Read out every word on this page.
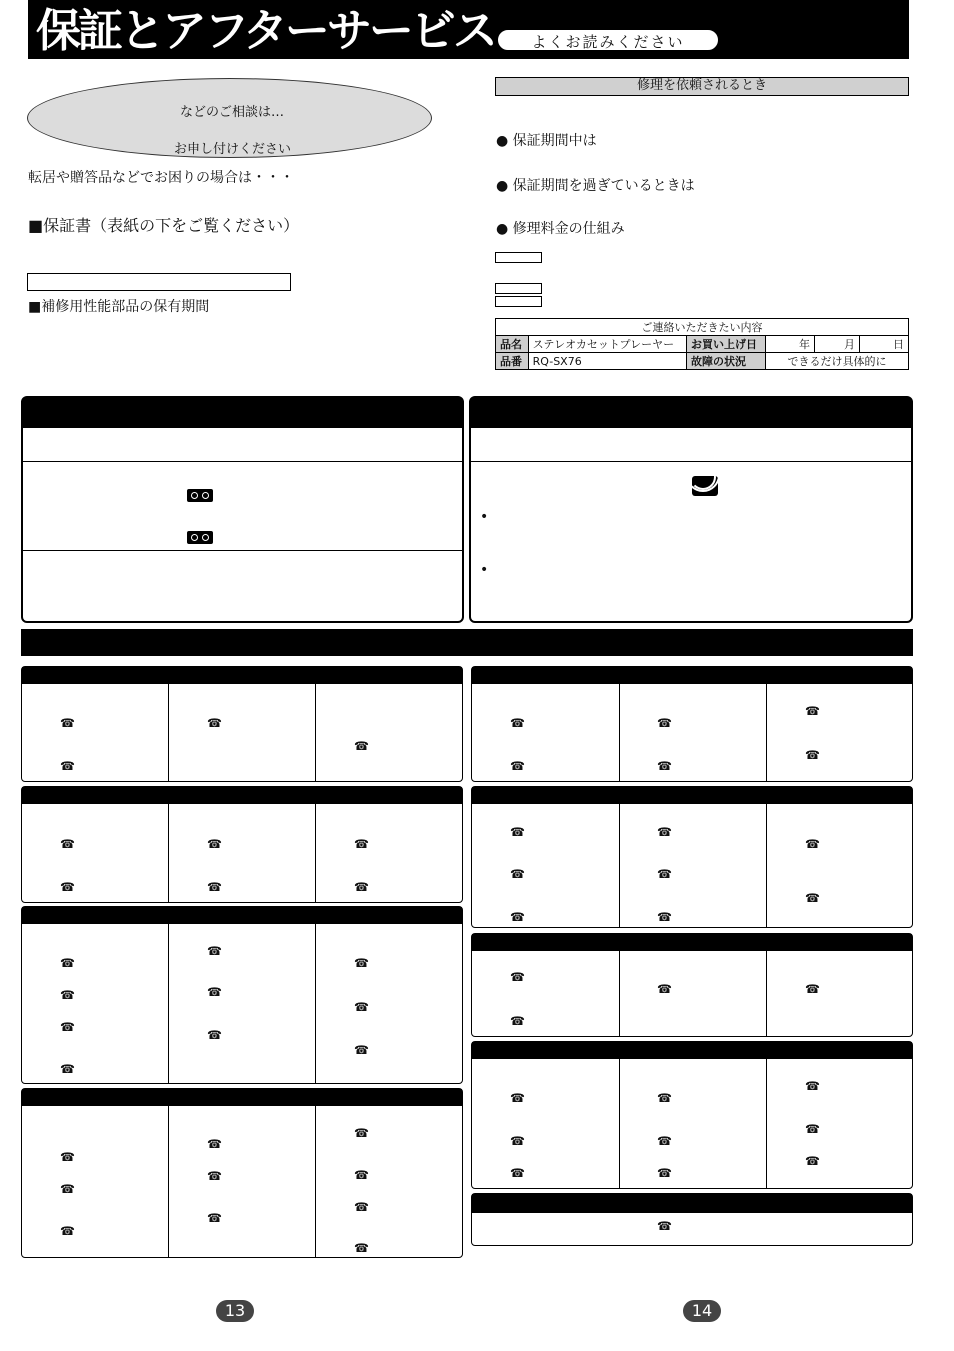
保証とアフターサービス	よくお読みください
などのご相談は…
お申し付けください
転居や贈答品などでお困りの場合は・・・
■保証書（表紙の下をご覧ください）
■補修用性能部品の保有期間
修理を依頼されるとき
● 保証期間中は
● 保証期間を過ぎているときは
● 修理料金の仕組み
ご連絡いただきたい内容					
品名	ステレオカセットプレーヤー	お買い上げ日	年	月	日
品番	RQ-SX76	故障の状況	できるだけ具体的に		
•
•
☎
☎
☎
☎
☎
☎
☎
☎
☎
☎
☎
☎
☎
☎
☎
☎
☎
☎
☎
☎
☎
☎
☎
☎
☎
☎
☎
☎
☎
☎
☎
☎
☎
☎
☎
☎
☎
☎
☎
☎
☎
☎
☎
☎
☎
☎
☎	☎
☎
☎
☎
☎
☎
☎
☎
☎
☎
☎
13	14
